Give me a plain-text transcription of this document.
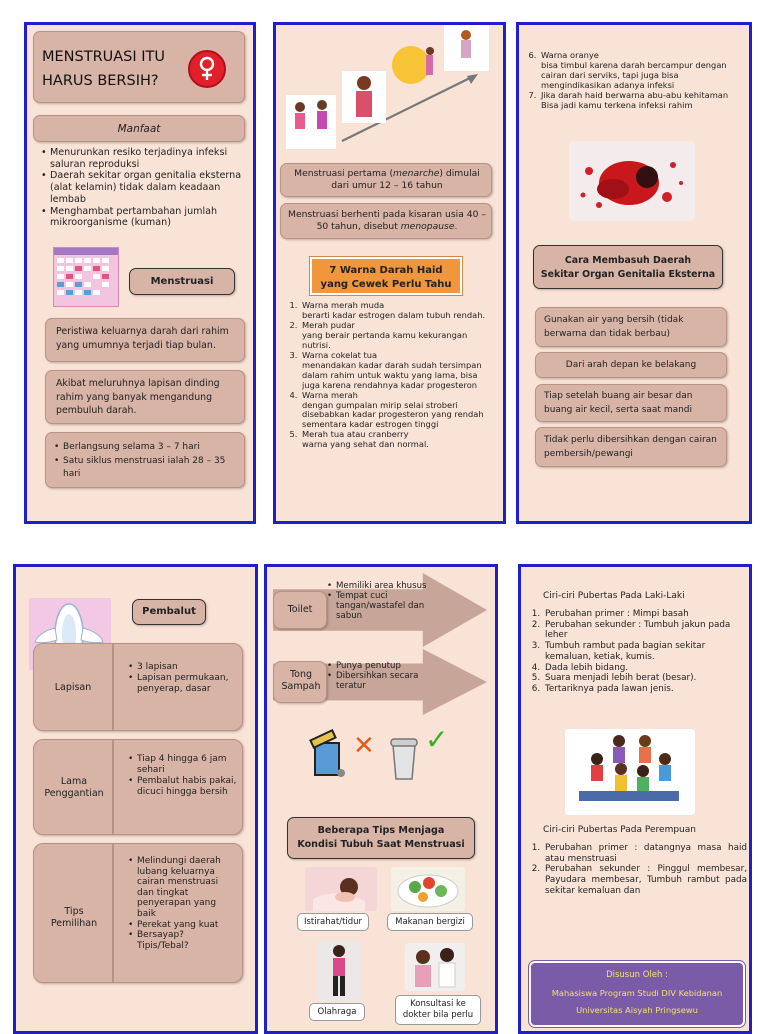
MENSTRUASI ITU
HARUS BERSIH?
Manfaat
• Menurunkan resiko terjadinya infeksi saluran reproduksi
• Daerah sekitar organ genitalia eksterna (alat kelamin) tidak dalam keadaan lembab
• Menghambat pertambahan jumlah mikroorganisme (kuman)
Menstruasi
Peristiwa keluarnya darah dari rahim yang umumnya terjadi tiap bulan.
Akibat meluruhnya lapisan dinding rahim yang banyak mengandung pembuluh darah.
• Berlangsung selama 3 – 7 hari
• Satu siklus menstruasi ialah 28 – 35 hari
Menstruasi pertama (menarche) dimulai dari umur 12 – 16 tahun
Menstruasi berhenti pada kisaran usia 40 – 50 tahun, disebut menopause.
7 Warna Darah Haid
yang Cewek Perlu Tahu
1. Warna merah muda
berarti kadar estrogen dalam tubuh rendah.
2. Merah pudar
yang berair pertanda kamu kekurangan nutrisi.
3. Warna cokelat tua
menandakan kadar darah sudah tersimpan dalam rahim untuk waktu yang lama, bisa juga karena rendahnya kadar progesteron
4. Warna merah
dengan gumpalan mirip selai stroberi disebabkan kadar progesteron yang rendah sementara kadar estrogen tinggi
5. Merah tua atau cranberry
warna yang sehat dan normal.
6. Warna oranye
bisa timbul karena darah bercampur dengan cairan dari serviks, tapi juga bisa mengindikasikan adanya infeksi
7. Jika darah haid berwarna abu-abu kehitaman
Bisa jadi kamu terkena infeksi rahim
Cara Membasuh Daerah
Sekitar Organ Genitalia Eksterna
Gunakan air yang bersih (tidak berwarna dan tidak berbau)
Dari arah depan ke belakang
Tiap setelah buang air besar dan buang air kecil, serta saat mandi
Tidak perlu dibersihkan dengan cairan pembersih/pewangi
Pembalut
Lapisan
• 3 lapisan
• Lapisan permukaan, penyerap, dasar
Lama Penggantian
• Tiap 4 hingga 6 jam sehari
• Pembalut habis pakai, dicuci hingga bersih
Tips Pemilihan
• Melindungi daerah lubang keluarnya cairan menstruasi dan tingkat penyerapan yang baik
• Perekat yang kuat
• Bersayap? Tipis/Tebal?
Toilet
• Memiliki area khusus
• Tempat cuci tangan/wastafel dan sabun
Tong Sampah
• Punya penutup
• Dibersihkan secara teratur
✕ ✓
Beberapa Tips Menjaga
Kondisi Tubuh Saat Menstruasi
Istirahat/tidur	Makanan bergizi
Olahraga
Konsultasi ke dokter bila perlu
Ciri-ciri Pubertas Pada Laki-Laki
1. Perubahan primer : Mimpi basah
2. Perubahan sekunder : Tumbuh jakun pada leher
3. Tumbuh rambut pada bagian sekitar kemaluan, ketiak, kumis.
4. Dada lebih bidang.
5. Suara menjadi lebih berat (besar).
6. Tertariknya pada lawan jenis.
Ciri-ciri Pubertas Pada Perempuan
1. Perubahan primer : datangnya masa haid atau menstruasi
2. Perubahan sekunder : Pinggul membesar, Payudara membesar, Tumbuh rambut pada sekitar kemaluan dan
Disusun Oleh :
Mahasiswa Program Studi DIV Kebidanan
Universitas Aisyah Pringsewu
